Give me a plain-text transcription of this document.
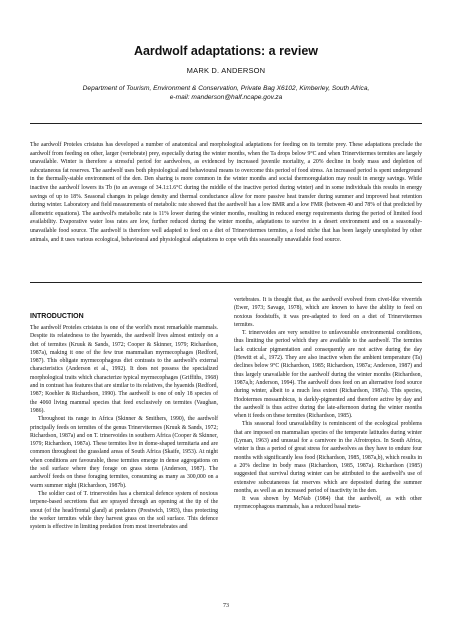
Aardwolf adaptations: a review

MARK D. ANDERSON

Department of Tourism, Environment & Conservation, Private Bag X6102, Kimberley, South Africa,
e-mail: manderson@half.ncape.gov.za

The aardwolf Proteles cristatus has developed a number of anatomical and morphological adaptations for feeding on its termite prey. These adaptations preclude the aardwolf from feeding on other, larger (vertebrate) prey, especially during the winter months, when the Ta drops below 9°C and when Trinervitermes termites are largely unavailable. Winter is therefore a stressful period for aardwolves, as evidenced by increased juvenile mortality, a 20% decline in body mass and depletion of subcutaneous fat reserves. The aardwolf uses both physiological and behavioural means to overcome this period of food stress. An increased period is spent underground in the thermally-stable environment of the den. Den sharing is more common in the winter months and social thermoregulation may result in energy savings. While inactive the aardwolf lowers its Tb (to an average of 34.1±1.6°C during the middle of the inactive period during winter) and in some individuals this results in energy savings of up to 18%. Seasonal changes in pelage density and thermal conductance allow for more passive heat transfer during summer and improved heat retention during winter. Laboratory and field measurements of metabolic rate showed that the aardwolf has a low BMR and a low FMR (between 40 and 78% of that predicted by allometric equations). The aardwolf's metabolic rate is 11% lower during the winter months, resulting in reduced energy requirements during the period of limited food availability. Evaporative water loss rates are low, further reduced during the winter months, adaptations to survive in a desert environment and on a seasonally-unavailable food source. The aardwolf is therefore well adapted to feed on a diet of Trinervitermes termites, a food niche that has been largely unexploited by other animals, and it uses various ecological, behavioural and physiological adaptations to cope with this seasonally unavailable food source.

INTRODUCTION

The aardwolf Proteles cristatus is one of the world's most remarkable mammals. Despite its relatedness to the hyaenids, the aardwolf lives almost entirely on a diet of termites (Kruuk & Sands, 1972; Cooper & Skinner, 1979; Richardson, 1987a), making it one of the few true mammalian myrmecophages (Redford, 1987). This obligate myrmecophagous diet contrasts to the aardwolf's external characteristics (Anderson et al., 1992). It does not possess the specialized morphological traits which characterize typical myrmecophages (Griffiths, 1968) and in contrast has features that are similar to its relatives, the hyaenids (Redford, 1987; Koehler & Richardson, 1990). The aardwolf is one of only 18 species of the 4060 living mammal species that feed exclusively on termites (Vaughan, 1986).

Throughout its range in Africa (Skinner & Smithers, 1990), the aardwolf principally feeds on termites of the genus Trinervitermes (Kruuk & Sands, 1972; Richardson, 1987a) and on T. trinervoides in southern Africa (Cooper & Skinner, 1979; Richardson, 1987a). These termites live in dome-shaped termitaria and are common throughout the grassland areas of South Africa (Skaife, 1953). At night when conditions are favourable, these termites emerge in dense aggregations on the soil surface where they forage on grass stems (Anderson, 1987). The aardwolf feeds on these foraging termites, consuming as many as 300,000 on a warm summer night (Richardson, 1987b).

The soldier cast of T. trinervoides has a chemical defence system of noxious terpene-based secretions that are sprayed through an opening at the tip of the snout (of the head/frontal gland) at predators (Prestwich, 1983), thus protecting the worker termites while they harvest grass on the soil surface. This defence system is effective in limiting predation from most invertebrates and

vertebrates. It is thought that, as the aardwolf evolved from civet-like viverrids (Ewer, 1973; Savage, 1978), which are known to have the ability to feed on noxious foodstuffs, it was pre-adapted to feed on a diet of Trinervitermes termites.

T. trinervoides are very sensitive to unfavourable environmental conditions, thus limiting the period which they are available to the aardwolf. The termites lack cuticular pigmentation and consequently are not active during the day (Hewitt et al., 1972). They are also inactive when the ambient temperature (Ta) declines below 9°C (Richardson, 1985; Richardson, 1987a; Anderson, 1987) and thus largely unavailable for the aardwolf during the winter months (Richardson, 1987a,b; Anderson, 1994). The aardwolf does feed on an alternative food source during winter, albeit to a much less extent (Richardson, 1987a). This species, Hodotermes mossambicus, is darkly-pigmented and therefore active by day and the aardwolf is thus active during the late-afternoon during the winter months when it feeds on these termites (Richardson, 1985).

This seasonal food unavailability is reminiscent of the ecological problems that are imposed on mammalian species of the temperate latitudes during winter (Lyman, 1963) and unusual for a carnivore in the Afrotropics. In South Africa, winter is thus a period of great stress for aardwolves as they have to endure four months with significantly less food (Richardson, 1985, 1987a,b), which results in a 20% decline in body mass (Richardson, 1985, 1987a). Richardson (1985) suggested that survival during winter can be attributed to the aardwolf's use of extensive subcutaneous fat reserves which are deposited during the summer months, as well as an increased period of inactivity in the den.

It was shown by McNab (1984) that the aardwolf, as with other myrmecophagous mammals, has a reduced basal meta-

73
